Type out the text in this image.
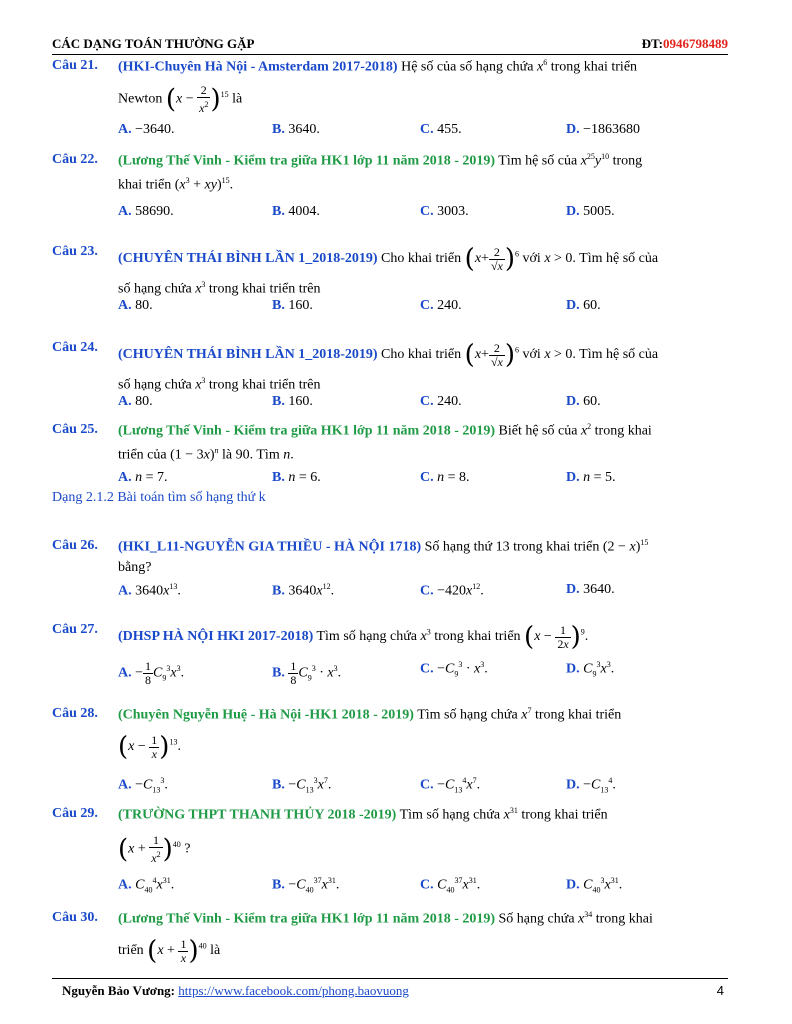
CÁC DẠNG TOÁN THƯỜNG GẶP	ĐT:0946798489
Câu 21. (HKI-Chuyên Hà Nội - Amsterdam 2017-2018) Hệ số của số hạng chứa $x^6$ trong khai triển
Newton $(x - \frac{2}{x^2} )^{15}$ là
A. −3640.	B. 3640.	C. 455.	D. −1863680
Câu 22. (Lương Thế Vinh - Kiểm tra giữa HK1 lớp 11 năm 2018 - 2019) Tìm hệ số của $x^{25}y^{10}$ trong
khai triển $(x^3 + xy)^{15}$.
A. 58690.	B. 4004.	C. 3003.	D. 5005.
Câu 23. (CHUYÊN THÁI BÌNH LẦN 1_2018-2019) Cho khai triển $(x+ \frac{2}{√x} )^6$ với x > 0. Tìm hệ số của
số hạng chứa $x^3$ trong khai triển trên
A. 80.	B. 160.	C. 240.	D. 60.
Câu 24. (CHUYÊN THÁI BÌNH LẦN 1_2018-2019) Cho khai triển $(x+ \frac{2}{√x} )^6$ với x > 0. Tìm hệ số của
số hạng chứa $x^3$ trong khai triển trên
A. 80.	B. 160.	C. 240.	D. 60.
Câu 25. (Lương Thế Vinh - Kiểm tra giữa HK1 lớp 11 năm 2018 - 2019) Biết hệ số của $x^2$ trong khai
triển của $(1 - 3x)^n$ là 90. Tìm n.
A. n = 7.	B. n = 6.	C. n = 8.	D. n = 5.
Dạng 2.1.2 Bài toán tìm số hạng thứ k
Câu 26. (HKI_L11-NGUYỄN GIA THIỀU - HÀ NỘI 1718) Số hạng thứ 13 trong khai triển $(2 - x)^{15}$
bằng?
A. $3640x^{13}$.	B. $3640x^{12}$.	C. $-420x^{12}$.	D. 3640.
Câu 27. (DHSP HÀ NỘI HKI 2017-2018) Tìm số hạng chứa $x^3$ trong khai triển $(x - \frac{1}{2x} )^9$.
A. − $\frac{1}{8} C_9^3x^3$.	B. $\frac{1}{8} C_9^3 \cdot x^3$.	C. $-C_9^3 \cdot x^3$.	D. $C_9^3x^3$.
Câu 28. (Chuyên Nguyễn Huệ - Hà Nội -HK1 2018 - 2019) Tìm số hạng chứa $x^7$ trong khai triển
$(x - \frac{1}{x} )^{13}$.
A. $-C_{13}^3$.	B. $-C_{13}^3x^7$.	C. $-C_{13}^4x^7$.	D. $-C_{13}^4$.
Câu 29. (TRƯỜNG THPT THANH THỦY 2018 -2019) Tìm số hạng chứa $x^{31}$ trong khai triển
$(x + \frac{1}{x^2} )^{40}$ ?
A. $C_{40}^4x^{31}$.	B. $-C_{40}^{37}x^{31}$.	C. $C_{40}^{37}x^{31}$.	D. $C_{40}^3x^{31}$.
Câu 30. (Lương Thế Vinh - Kiểm tra giữa HK1 lớp 11 năm 2018 - 2019) Số hạng chứa $x^{34}$ trong khai
triển $(x + \frac{1}{x} )^{40}$ là
Nguyễn Bảo Vương: https://www.facebook.com/phong.baovuong	4
